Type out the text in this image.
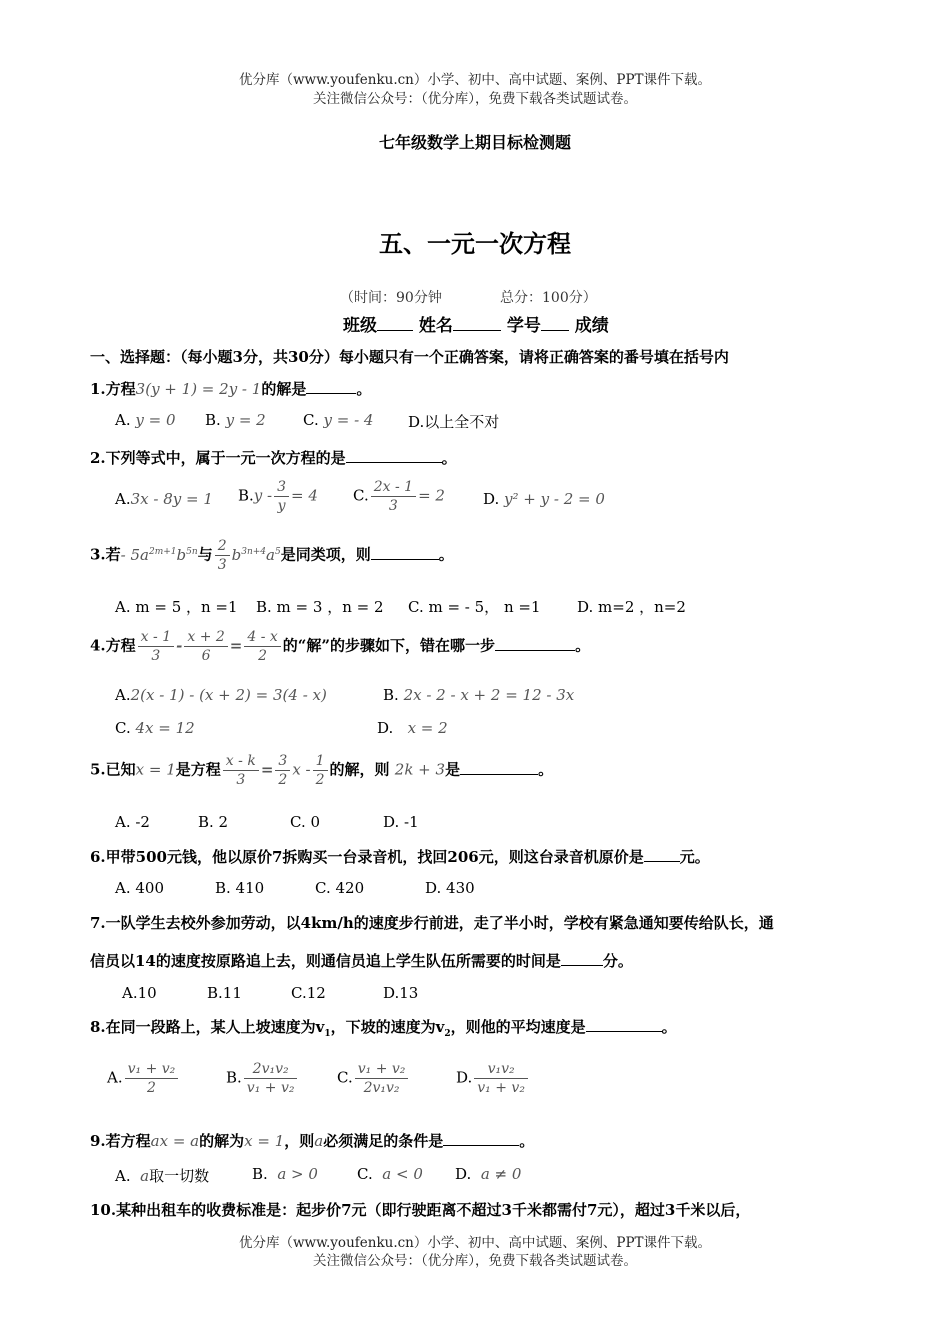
优分库（www.youfenku.cn）小学、初中、高中试题、案例、PPT课件下载。
关注微信公众号：（优分库），免费下载各类试题试卷。
七年级数学上期目标检测题
五、一元一次方程
（时间：90分钟	总分：100分）
班级 姓名	学号 成绩
一、选择题：（每小题3分，共30分）每小题只有一个正确答案，请将正确答案的番号填在括号内
1.方程3(y + 1) = 2y - 1的解是	。
A. y = 0 B. y = 2 C. y = - 4 D.以上全不对
2.下列等式中，属于一元一次方程的是	。
A.3x - 8y = 1 $B.y - \frac{3}{y} = 4$ C. $\frac{2x - 1}{3} = 2$	D. y² + y - 2 = 0
3.若- $5a^{2m+1}b^{5n}$与 $\frac{2}{3} b^{3n+4}a^5$是同类项，则	。
A. m = 5 ，n =1 B. m = 3 ，n = 2 C. m = - 5， n =1 D. m=2 ，n=2
4.方程 $\frac{x - 1}{3} - \frac{x + 2}{6} = \frac{4 - x}{2}$ 的“解”的步骤如下，错在哪一步	。
A.2(x - 1) - (x + 2) = 3(4 - x)	B. 2x - 2 - x + 2 = 12 - 3x
C. 4x = 12	D. x = 2
5.已知x = 1是方程 $\frac{x - k}{3} = \frac{3}{2}$ x - $\frac{1}{2}$ 的解，则 2k + 3是	。
A. -2	B. 2	C. 0	D. -1
6.甲带500元钱，他以原价7拆购买一台录音机，找回206元，则这台录音机原价是 元。
A. 400	B. 410	C. 420	D. 430
7.一队学生去校外参加劳动，以4km/h的速度步行前进，走了半小时，学校有紧急通知要传给队长，通
信员以14的速度按原路追上去，则通信员追上学生队伍所需要的时间是	分。
A.10	B.11	C.12	D.13
8.在同一段路上，某人上坡速度为$v_1$，下坡的速度为$v_2$，则他的平均速度是	。
A. $\frac{\text{v₁ + v₂}}{2}$	B. $\frac{\text{2v₁v₂}}{\text{v₁ + v₂}}$	C. $\frac{\text{v₁ + v₂}}{\text{2v₁v₂}}$	D. $\frac{\text{v₁v₂}}{\text{v₁ + v₂}}$
9.若方程ax = a的解为x = 1，则a必须满足的条件是	。
A. a取一切数	B. a > 0	C. a < 0 D. a ≠ 0
10.某种出租车的收费标准是：起步价7元（即行驶距离不超过3千米都需付7元），超过3千米以后，
优分库（www.youfenku.cn）小学、初中、高中试题、案例、PPT课件下载。
关注微信公众号：（优分库），免费下载各类试题试卷。
